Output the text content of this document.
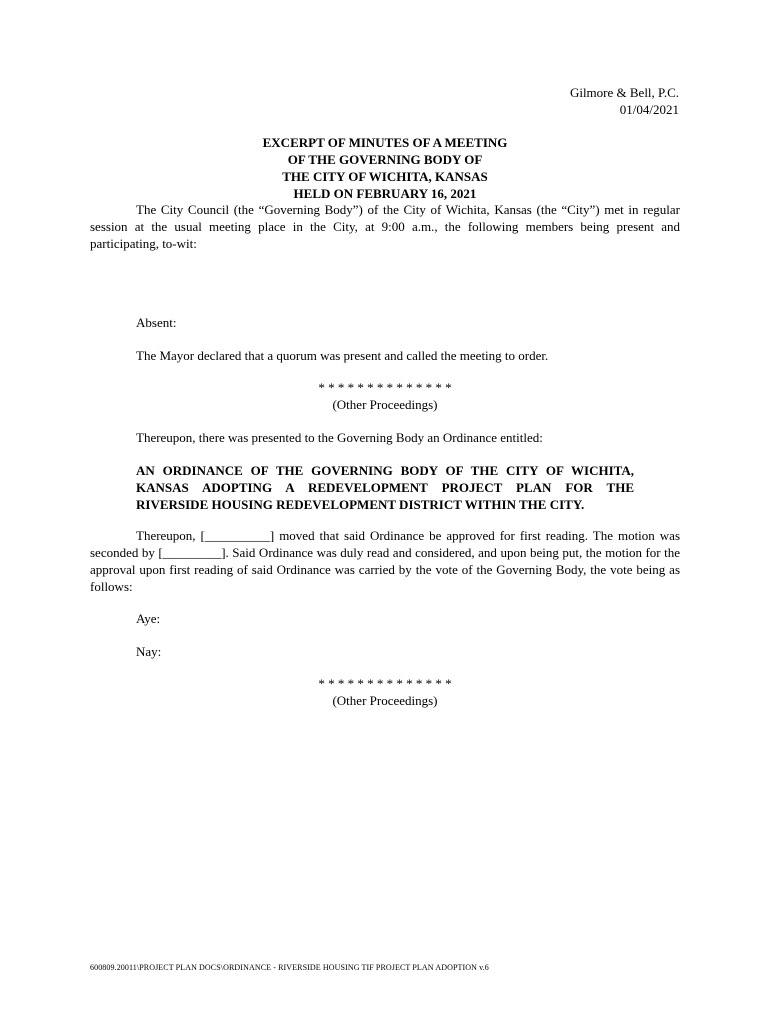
Gilmore & Bell, P.C.
01/04/2021
EXCERPT OF MINUTES OF A MEETING
OF THE GOVERNING BODY OF
THE CITY OF WICHITA, KANSAS
HELD ON FEBRUARY 16, 2021

The City Council (the “Governing Body”) of the City of Wichita, Kansas (the “City”) met in regular session at the usual meeting place in the City, at 9:00 a.m., the following members being present and participating, to-wit:

Absent:
The Mayor declared that a quorum was present and called the meeting to order.
* * * * * * * * * * * * * *
(Other Proceedings)
Thereupon, there was presented to the Governing Body an Ordinance entitled:
AN ORDINANCE OF THE GOVERNING BODY OF THE CITY OF WICHITA, KANSAS ADOPTING A REDEVELOPMENT PROJECT PLAN FOR THE RIVERSIDE HOUSING REDEVELOPMENT DISTRICT WITHIN THE CITY.

Thereupon, [__________] moved that said Ordinance be approved for first reading. The motion was seconded by [_________]. Said Ordinance was duly read and considered, and upon being put, the motion for the approval upon first reading of said Ordinance was carried by the vote of the Governing Body, the vote being as follows:

Aye:
Nay:
* * * * * * * * * * * * * *
(Other Proceedings)
600809.20011\PROJECT PLAN DOCS\ORDINANCE - RIVERSIDE HOUSING TIF PROJECT PLAN ADOPTION v.6
